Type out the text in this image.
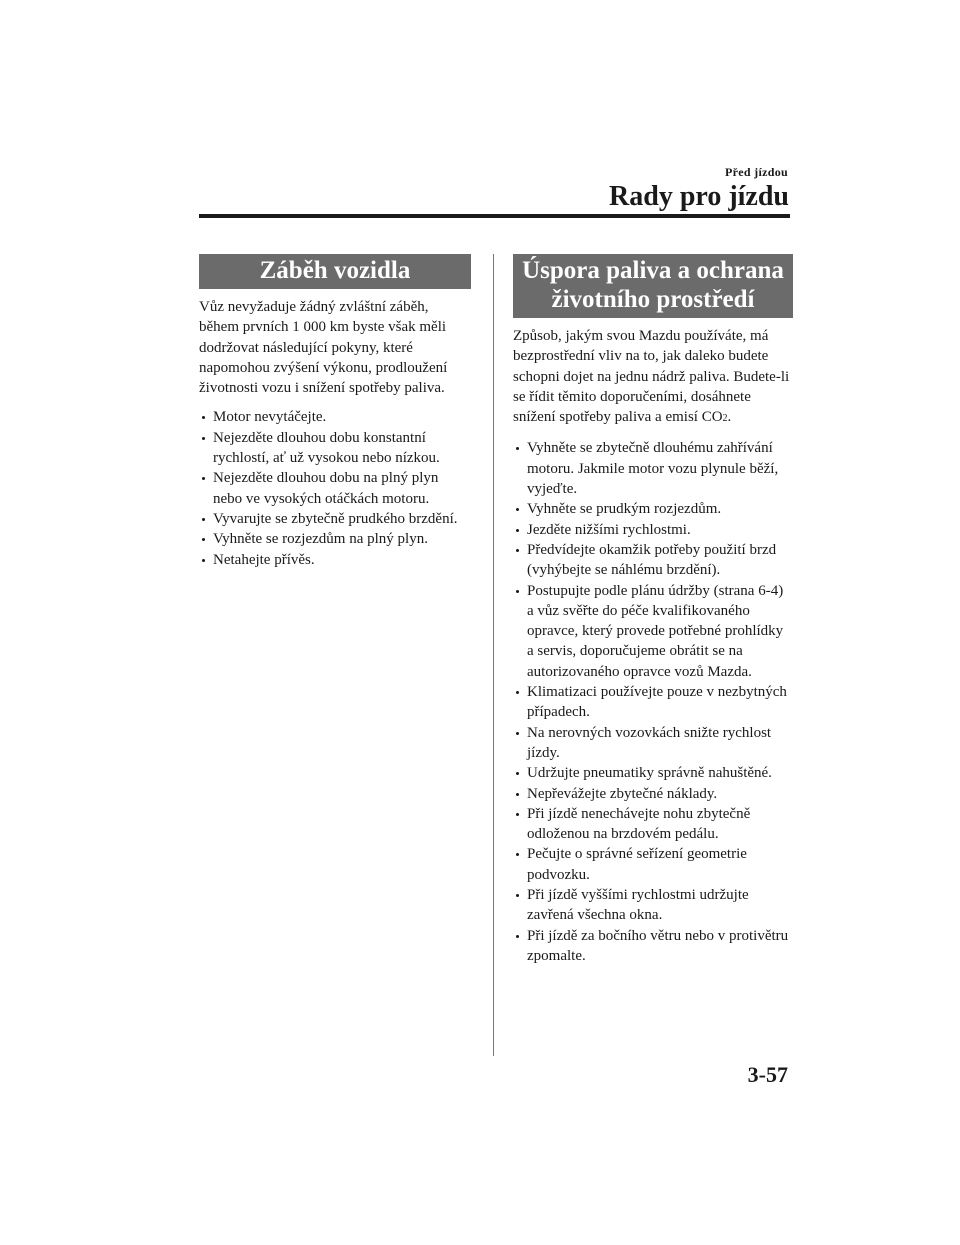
Před jízdou
Rady pro jízdu
Záběh vozidla

Vůz nevyžaduje žádný zvláštní záběh, během prvních 1 000 km byste však měli dodržovat následující pokyny, které napomohou zvýšení výkonu, prodloužení životnosti vozu i snížení spotřeby paliva.

Motor nevytáčejte.
Nejezděte dlouhou dobu konstantní rychlostí, ať už vysokou nebo nízkou.
Nejezděte dlouhou dobu na plný plyn nebo ve vysokých otáčkách motoru.
Vyvarujte se zbytečně prudkého brzdění.
Vyhněte se rozjezdům na plný plyn.
Netahejte přívěs.
Úspora paliva a ochrana
životního prostředí

Způsob, jakým svou Mazdu používáte, má bezprostřední vliv na to, jak daleko budete schopni dojet na jednu nádrž paliva. Budete-li se řídit těmito doporučeními, dosáhnete snížení spotřeby paliva a emisí CO2.

Vyhněte se zbytečně dlouhému zahřívání motoru. Jakmile motor vozu plynule běží, vyjeďte.
Vyhněte se prudkým rozjezdům.
Jezděte nižšími rychlostmi.
Předvídejte okamžik potřeby použití brzd (vyhýbejte se náhlému brzdění).
Postupujte podle plánu údržby (strana 6-4) a vůz svěřte do péče kvalifikovaného opravce, který provede potřebné prohlídky a servis, doporučujeme obrátit se na autorizovaného opravce vozů Mazda.
Klimatizaci používejte pouze v nezbytných případech.
Na nerovných vozovkách snižte rychlost jízdy.
Udržujte pneumatiky správně nahuštěné.
Nepřevážejte zbytečné náklady.
Při jízdě nenechávejte nohu zbytečně odloženou na brzdovém pedálu.
Pečujte o správné seřízení geometrie podvozku.
Při jízdě vyššími rychlostmi udržujte zavřená všechna okna.
Při jízdě za bočního větru nebo v protivětru zpomalte.
3-57
